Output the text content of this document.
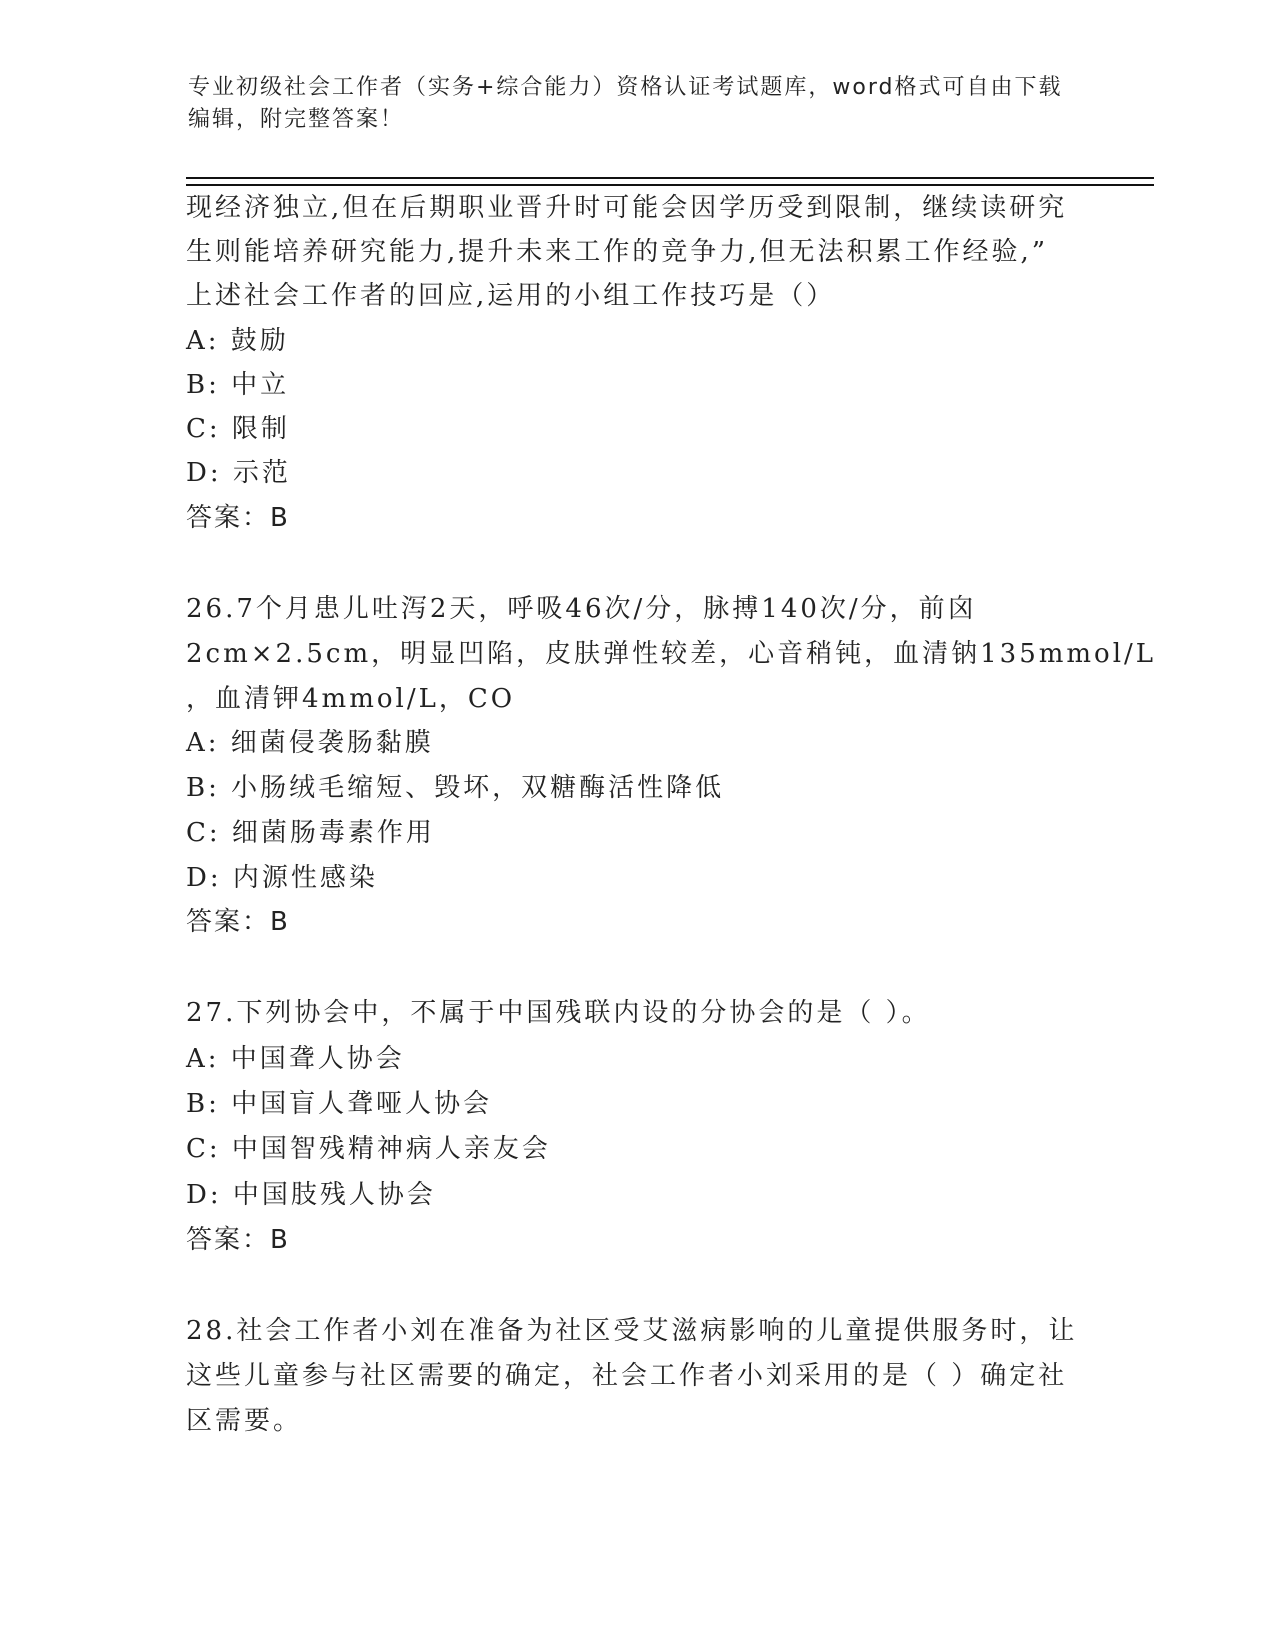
专业初级社会工作者（实务+综合能力）资格认证考试题库，word格式可自由下载
编辑，附完整答案！
现经济独立,但在后期职业晋升时可能会因学历受到限制，继续读研究
生则能培养研究能力,提升未来工作的竞争力,但无法积累工作经验,”
上述社会工作者的回应,运用的小组工作技巧是（）
A: 鼓励
B: 中立
C: 限制
D: 示范
答案：B
26.7个月患儿吐泻2天，呼吸46次/分，脉搏140次/分，前囟
2cm×2.5cm，明显凹陷，皮肤弹性较差，心音稍钝，血清钠135mmol/L
，血清钾4mmol/L，CO
A: 细菌侵袭肠黏膜
B: 小肠绒毛缩短、毁坏，双糖酶活性降低
C: 细菌肠毒素作用
D: 内源性感染
答案：B
27.下列协会中，不属于中国残联内设的分协会的是（ ）。
A: 中国聋人协会
B: 中国盲人聋哑人协会
C: 中国智残精神病人亲友会
D: 中国肢残人协会
答案：B
28.社会工作者小刘在准备为社区受艾滋病影响的儿童提供服务时，让
这些儿童参与社区需要的确定，社会工作者小刘采用的是（ ）确定社
区需要。
